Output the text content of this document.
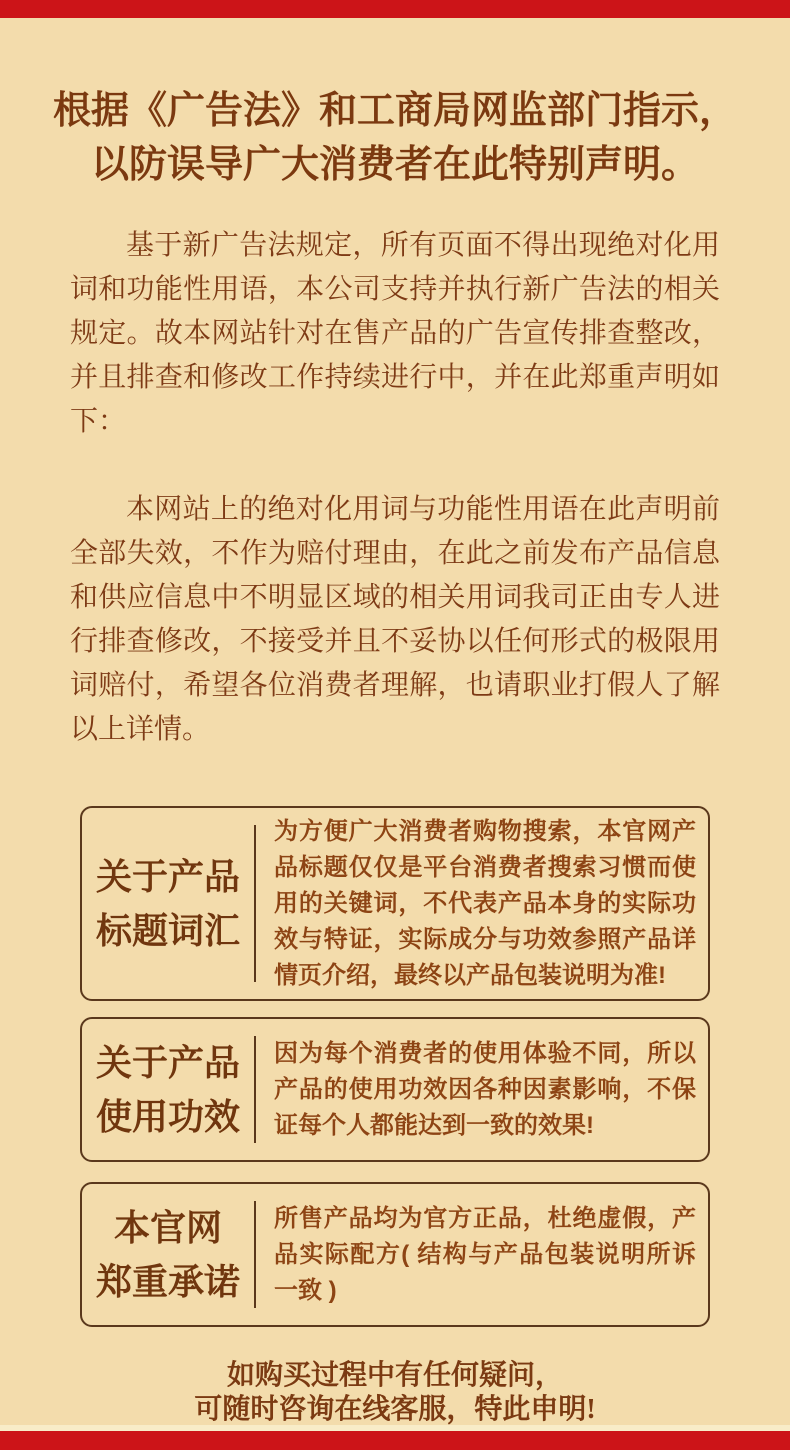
根据《广告法》和工商局网监部门指示，
以防误导广大消费者在此特别声明。
基于新广告法规定，所有页面不得出现绝对化用词和功能性用语，本公司支持并执行新广告法的相关规定。故本网站针对在售产品的广告宣传排查整改，并且排查和修改工作持续进行中，并在此郑重声明如下：
本网站上的绝对化用词与功能性用语在此声明前全部失效，不作为赔付理由，在此之前发布产品信息和供应信息中不明显区域的相关用词我司正由专人进行排查修改，不接受并且不妥协以任何形式的极限用词赔付，希望各位消费者理解，也请职业打假人了解以上详情。
关于产品
标题词汇
为方便广大消费者购物搜索，本官网产品标题仅仅是平台消费者搜索习惯而使用的关键词，不代表产品本身的实际功效与特证，实际成分与功效参照产品详情页介绍，最终以产品包装说明为准!
关于产品
使用功效
因为每个消费者的使用体验不同，所以产品的使用功效因各种因素影响，不保证每个人都能达到一致的效果!
本官网
郑重承诺
所售产品均为官方正品，杜绝虚假，产品实际配方( 结构与产品包装说明所诉一致 )
如购买过程中有任何疑问，
可随时咨询在线客服，特此申明!
